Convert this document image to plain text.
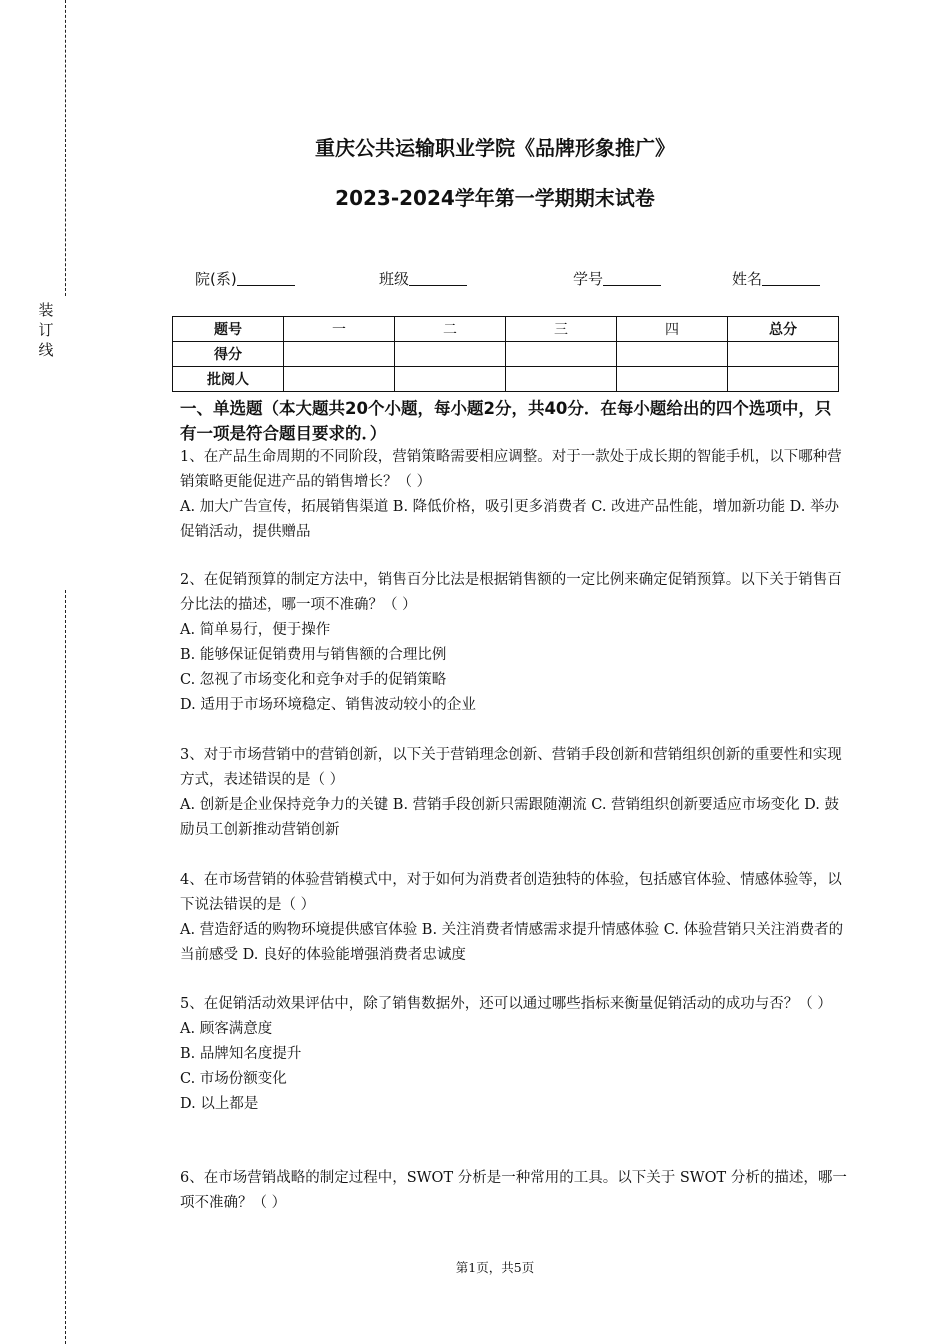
装
订
线
重庆公共运输职业学院《品牌形象推广》
2023-2024学年第一学期期末试卷
院(系)	班级	学号	姓名
题号	一	二	三	四	总分
得分					
批阅人					
一、单选题（本大题共20个小题，每小题2分，共40分．在每小题给出的四个选项中，只有一项是符合题目要求的．）

1、在产品生命周期的不同阶段，营销策略需要相应调整。对于一款处于成长期的智能手机，以下哪种营销策略更能促进产品的销售增长？（ ）

A. 加大广告宣传，拓展销售渠道 B. 降低价格，吸引更多消费者 C. 改进产品性能，增加新功能 D. 举办促销活动，提供赠品

2、在促销预算的制定方法中，销售百分比法是根据销售额的一定比例来确定促销预算。以下关于销售百分比法的描述，哪一项不准确？（ ）

A. 简单易行，便于操作

B. 能够保证促销费用与销售额的合理比例

C. 忽视了市场变化和竞争对手的促销策略

D. 适用于市场环境稳定、销售波动较小的企业

3、对于市场营销中的营销创新，以下关于营销理念创新、营销手段创新和营销组织创新的重要性和实现方式，表述错误的是（ ）

A. 创新是企业保持竞争力的关键 B. 营销手段创新只需跟随潮流 C. 营销组织创新要适应市场变化 D. 鼓励员工创新推动营销创新

4、在市场营销的体验营销模式中，对于如何为消费者创造独特的体验，包括感官体验、情感体验等，以下说法错误的是（ ）

A. 营造舒适的购物环境提供感官体验 B. 关注消费者情感需求提升情感体验 C. 体验营销只关注消费者的当前感受 D. 良好的体验能增强消费者忠诚度

5、在促销活动效果评估中，除了销售数据外，还可以通过哪些指标来衡量促销活动的成功与否？（ ）

A. 顾客满意度

B. 品牌知名度提升

C. 市场份额变化

D. 以上都是

6、在市场营销战略的制定过程中，SWOT 分析是一种常用的工具。以下关于 SWOT 分析的描述，哪一项不准确？（ ）

第1页，共5页
